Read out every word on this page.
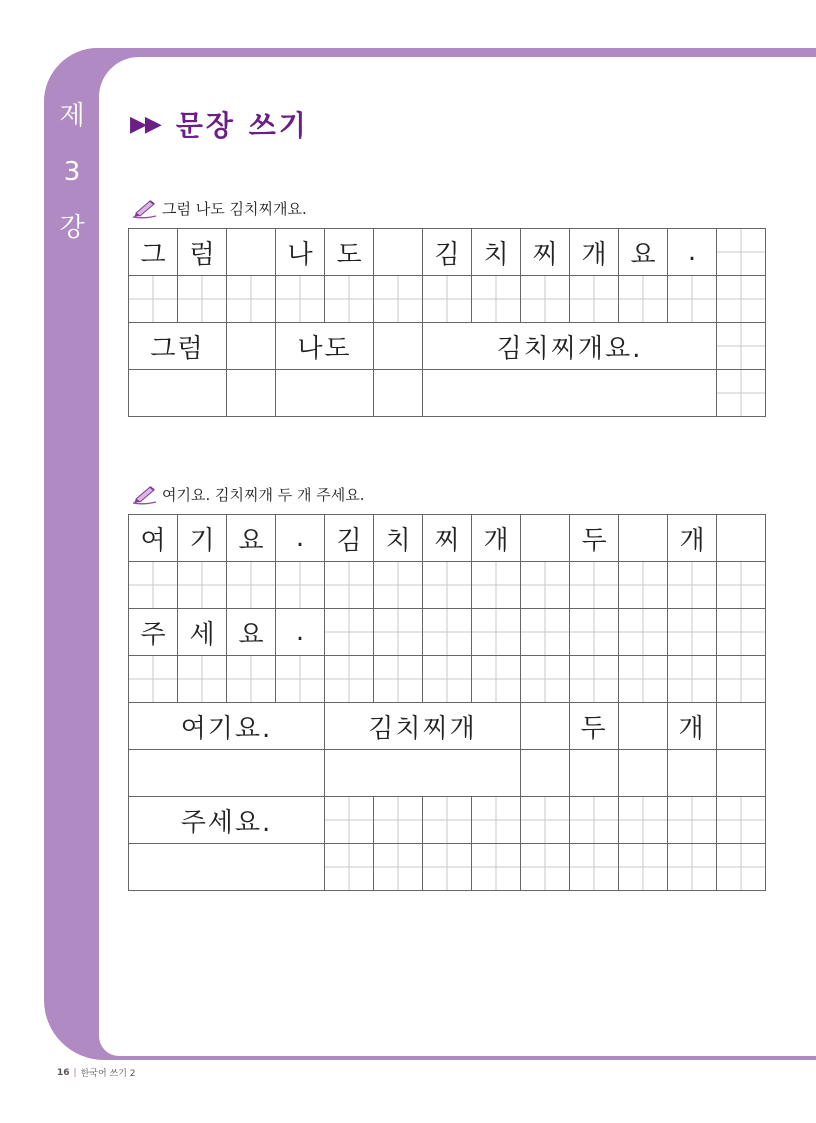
제
3
강
▶▶ 문장 쓰기
그럼 나도 김치찌개요.
그	럼		나	도		김	치	찌	개	요	.	

그럼			나도			김치찌개요.						

여기요. 김치찌개 두 개 주세요.
여	기	요	.	김	치	찌	개		두		개	

주	세	요	.									

여기요.				김치찌개					두		개	

주세요.												

16 | 한국어 쓰기 2
